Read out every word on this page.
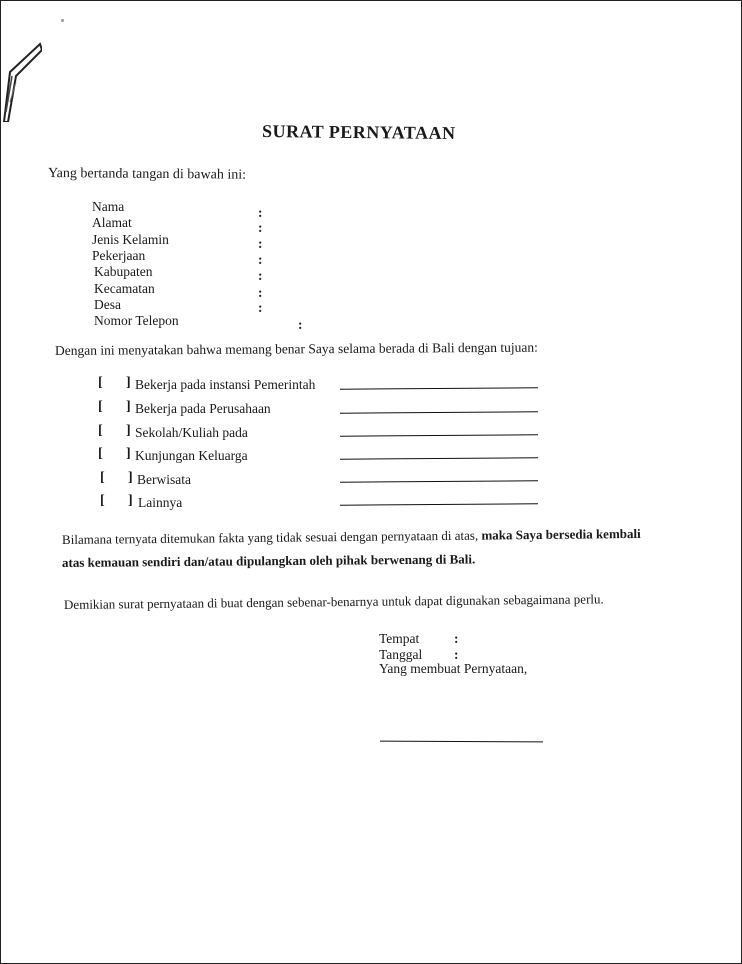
SURAT PERNYATAAN
Yang bertanda tangan di bawah ini:
Nama	:
Alamat	:
Jenis Kelamin	:
Pekerjaan	:
Kabupaten	:
Kecamatan	:
Desa	:
Nomor Telepon	:
Dengan ini menyatakan bahwa memang benar Saya selama berada di Bali dengan tujuan:
[ ] Bekerja pada instansi Pemerintah
[ ] Bekerja pada Perusahaan
[ ] Sekolah/Kuliah pada
[ ] Kunjungan Keluarga
[ ] Berwisata
[ ] Lainnya
Bilamana ternyata ditemukan fakta yang tidak sesuai dengan pernyataan di atas, maka Saya bersedia kembali
atas kemauan sendiri dan/atau dipulangkan oleh pihak berwenang di Bali.
Demikian surat pernyataan di buat dengan sebenar-benarnya untuk dapat digunakan sebagaimana perlu.
Tempat	:
Tanggal :
Yang membuat Pernyataan,
